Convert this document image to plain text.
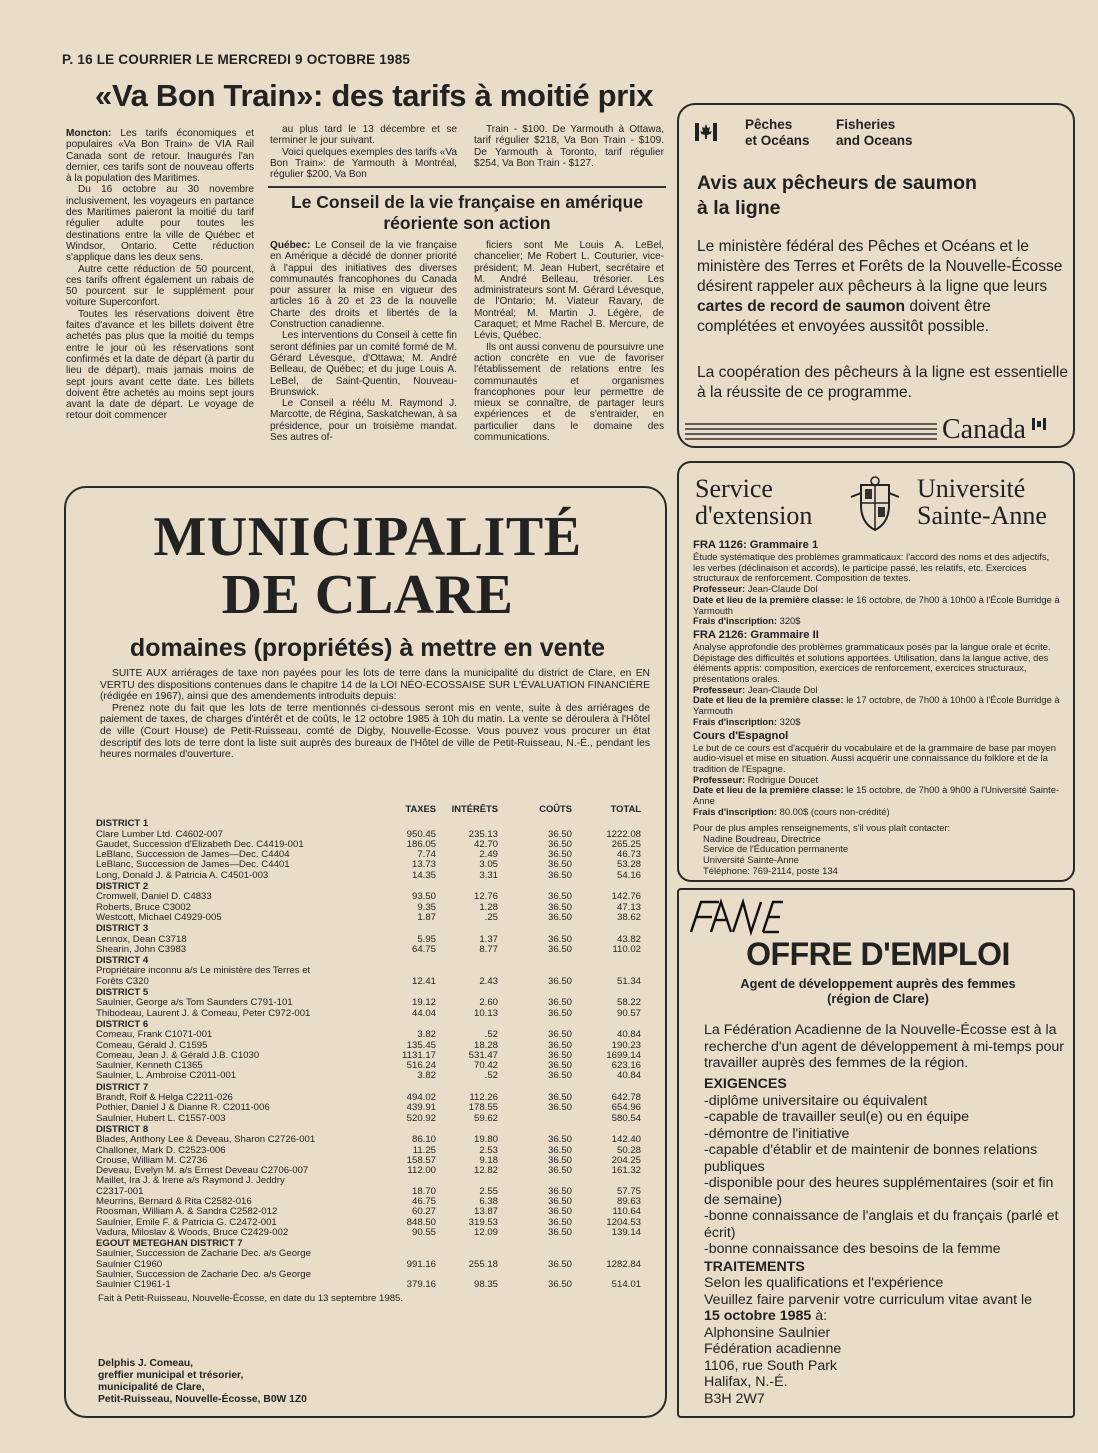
P. 16 LE COURRIER LE MERCREDI 9 OCTOBRE 1985
«Va Bon Train»: des tarifs à moitié prix

Moncton: Les tarifs économiques et populaires «Va Bon Train» de VIA Rail Canada sont de retour. Inaugurés l'an dernier, ces tarifs sont de nouveau offerts à la population des Maritimes.

Du 16 octobre au 30 novembre inclusivement, les voyageurs en partance des Maritimes paieront la moitié du tarif régulier adulte pour toutes les destinations entre la ville de Québec et Windsor, Ontario. Cette réduction s'applique dans les deux sens.

Autre cette réduction de 50 pourcent, ces tarifs offrent également un rabais de 50 pourcent sur le supplément pour voiture Superconfort.

Toutes les réservations doivent être faites d'avance et les billets doivent être achetés pas plus que la moitié du temps entre le jour où les réservations sont confirmés et la date de départ (à partir du lieu de départ), mais jamais moins de sept jours avant cette date. Les billets doivent être achetés au moins sept jours avant la date de départ. Le voyage de retour doit commencer

au plus tard le 13 décembre et se terminer le jour suivant.

Voici quelques exemples des tarifs «Va Bon Train»: de Yarmouth à Montréal, régulier $200, Va Bon

Train - $100. De Yarmouth à Ottawa, tarif régulier $218, Va Bon Train - $109. De Yarmouth à Toronto, tarif régulier $254, Va Bon Train - $127.

Le Conseil de la vie française en amérique
réoriente son action

Québec: Le Conseil de la vie française en Amérique a décidé de donner priorité à l'appui des initiatives des diverses communautés francophones du Canada pour assurer la mise en vigueur des articles 16 à 20 et 23 de la nouvelle Charte des droits et libertés de la Construction canadienne.

Les interventions du Conseil à cette fin seront définies par un comité formé de M. Gérard Lévesque, d'Ottawa; M. André Belleau, de Québec; et du juge Louis A. LeBel, de Saint-Quentin, Nouveau-Brunswick.

Le Conseil a réélu M. Raymond J. Marcotte, de Régina, Saskatchewan, à sa présidence, pour un troisième mandat. Ses autres of-

ficiers sont Me Louis A. LeBel, chancelier; Me Robert L. Couturier, vice-président; M. Jean Hubert, secrétaire et M. André Belleau, trésorier. Les administrateurs sont M. Gérard Lévesque, de l'Ontario; M. Viateur Ravary, de Montréal; M. Martin J. Légère, de Caraquet; et Mme Rachel B. Mercure, de Lévis, Québec.

Ils ont aussi convenu de poursuivre une action concrète en vue de favoriser l'établissement de relations entre les communautés et organismes francophones pour leur permettre de mieux se connaître, de partager leurs expériences et de s'entraider, en particulier dans le domaine des communications.

Pêches
et Océans
Fisheries
and Oceans
Avis aux pêcheurs de saumon
à la ligne
Le ministère fédéral des Pêches et Océans et le ministère des Terres et Forêts de la Nouvelle-Écosse désirent rappeler aux pêcheurs à la ligne que leurs cartes de record de saumon doivent être complétées et envoyées aussitôt possible.
La coopération des pêcheurs à la ligne est essentielle à la réussite de ce programme.
Canada
Service
d'extension
Université
Sainte-Anne
FRA 1126: Grammaire 1
Étude systématique des problèmes grammaticaux: l'accord des noms et des adjectifs, les verbes (déclinaison et accords), le participe passé, les relatifs, etc. Exercices structuraux de renforcement. Composition de textes.
Professeur: Jean-Claude Dol
Date et lieu de la première classe: le 16 octobre, de 7h00 à 10h00 à l'École Burridge à Yarmouth
Frais d'inscription: 320$
FRA 2126: Grammaire II
Analyse approfondie des problèmes grammaticaux posés par la langue orale et écrite. Dépistage des difficultés et solutions apportées. Utilisation, dans la langue active, des éléments appris: composition, exercices de renforcement, exercices structuraux, présentations orales.
Professeur: Jean-Claude Dol
Date et lieu de la première classe: le 17 octobre, de 7h00 à 10h00 à l'École Burridge à Yarmouth
Frais d'inscription: 320$
Cours d'Espagnol
Le but de ce cours est d'acquérir du vocabulaire et de la grammaire de base par moyen audio-visuel et mise en situation. Aussi acquérir une connaissance du folklore et de la tradition de l'Espagne.
Professeur: Rodrigue Doucet
Date et lieu de la première classe: le 15 octobre, de 7h00 à 9h00 à l'Université Sainte-Anne
Frais d'inscription: 80.00$ (cours non-crédité)
Pour de plus amples renseignements, s'il vous plaît contacter:
Nadine Boudreau, Directrice
Service de l'Éducation permanente
Université Sainte-Anne
Téléphone: 769-2114, poste 134
OFFRE D'EMPLOI
Agent de développement auprès des femmes
(région de Clare)
La Fédération Acadienne de la Nouvelle-Écosse est à la recherche d'un agent de développement à mi-temps pour travailler auprès des femmes de la région.
EXIGENCES
-diplôme universitaire ou équivalent
-capable de travailler seul(e) ou en équipe
-démontre de l'initiative
-capable d'établir et de maintenir de bonnes relations publiques
-disponible pour des heures supplémentaires (soir et fin de semaine)
-bonne connaissance de l'anglais et du français (parlé et écrit)
-bonne connaissance des besoins de la femme
TRAITEMENTS
Selon les qualifications et l'expérience
Veuillez faire parvenir votre curriculum vitae avant le
15 octobre 1985 à:
Alphonsine Saulnier
Fédération acadienne
1106, rue South Park
Halifax, N.-É.
B3H 2W7
MUNICIPALITÉ
DE CLARE
domaines (propriétés) à mettre en vente
SUITE AUX arriérages de taxe non payées pour les lots de terre dans la municipalité du district de Clare, en EN VERTU des dispositions contenues dans le chapitre 14 de la LOI NÉO-ECOSSAISE SUR L'ÉVALUATION FINANCIÈRE (rédigée en 1967), ainsi que des amendements introduits depuis:
Prenez note du fait que les lots de terre mentionnés ci-dessous seront mis en vente, suite à des arriérages de paiement de taxes, de charges d'intérêt et de coûts, le 12 octobre 1985 à 10h du matin. La vente se déroulera à l'Hôtel de ville (Court House) de Petit-Ruisseau, comté de Digby, Nouvelle-Écosse. Vous pouvez vous procurer un état descriptif des lots de terre dont la liste suit auprès des bureaux de l'Hôtel de ville de Petit-Ruisseau, N.-É., pendant les heures normales d'ouverture.
	TAXES	INTÉRÊTS	COÛTS	TOTAL
DISTRICT 1				
Clare Lumber Ltd. C4602-007	950.45	235.13	36.50	1222.08
Gaudet, Succession d'Elizabeth Dec. C4419-001	186.05	42.70	36.50	265.25
LeBlanc, Succession de James—Dec. C4404	7.74	2.49	36.50	46.73
LeBlanc, Succession de James—Dec. C4401	13.73	3.05	36.50	53.28
Long, Donald J. & Patricia A. C4501-003	14.35	3.31	36.50	54.16
DISTRICT 2				
Cromwell, Daniel D. C4833	93.50	12.76	36.50	142.76
Roberts, Bruce C3002	9.35	1.28	36.50	47.13
Westcott, Michael C4929-005	1.87	.25	36.50	38.62
DISTRICT 3				
Lennox, Dean C3718	5.95	1.37	36.50	43.82
Shearin, John C3983	64.75	8.77	36.50	110.02
DISTRICT 4				
Propriétaire inconnu a/s Le ministère des Terres et				
Forêts C320	12.41	2.43	36.50	51.34
DISTRICT 5				
Saulnier, George a/s Tom Saunders C791-101	19.12	2.60	36.50	58.22
Thibodeau, Laurent J. & Comeau, Peter C972-001	44.04	10.13	36.50	90.57
DISTRICT 6				
Comeau, Frank C1071-001	3.82	.52	36.50	40.84
Comeau, Gérald J. C1595	135.45	18.28	36.50	190.23
Comeau, Jean J. & Gérald J.B. C1030	1131.17	531.47	36.50	1699.14
Saulnier, Kenneth C1365	516.24	70.42	36.50	623.16
Saulnier, L. Ambroise C2011-001	3.82	.52	36.50	40.84
DISTRICT 7				
Brandt, Rolf & Helga C2211-026	494.02	112.26	36.50	642.78
Pothier, Daniel J & Dianne R. C2011-006	439.91	178.55	36.50	654.96
Saulnier, Hubert L. C1557-003	520.92	59.62		580.54
DISTRICT 8				
Blades, Anthony Lee & Deveau, Sharon C2726-001	86.10	19.80	36.50	142.40
Challoner, Mark D. C2523-006	11.25	2.53	36.50	50.28
Crouse, William M. C2736	158.57	9.18	36.50	204.25
Deveau, Evelyn M. a/s Ernest Deveau C2706-007	112.00	12.82	36.50	161.32
Maillet, Ira J. & Irene a/s Raymond J. Jeddry				
C2317-001	18.70	2.55	36.50	57.75
Meurrins, Bernard & Rita C2582-016	46.75	6.38	36.50	89.63
Roosman, William A. & Sandra C2582-012	60.27	13.87	36.50	110.64
Saulnier, Emile F. & Patricia G. C2472-001	848.50	319.53	36.50	1204.53
Vadura, Miloslav & Woods, Bruce C2429-002	90.55	12.09	36.50	139.14
EGOUT METEGHAN DISTRICT 7				
Saulnier, Succession de Zacharie Dec. a/s George				
Saulnier C1960	991.16	255.18	36.50	1282.84
Saulnier, Succession de Zacharie Dec. a/s George				
Saulnier C1961-1	379.16	98.35	36.50	514.01
Fait à Petit-Ruisseau, Nouvelle-Écosse, en date du 13 septembre 1985.
Delphis J. Comeau,
greffier municipal et trésorier,
municipalité de Clare,
Petit-Ruisseau, Nouvelle-Écosse, B0W 1Z0
